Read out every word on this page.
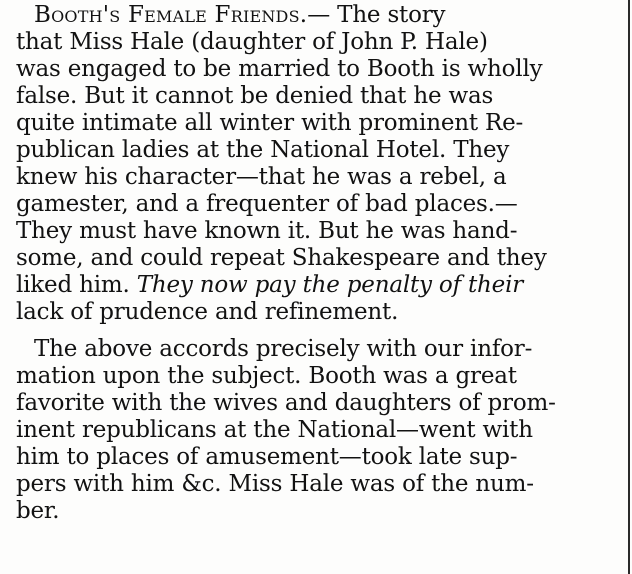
Booth's Female Friends.— The story
that Miss Hale (daughter of John P. Hale)
was engaged to be married to Booth is wholly
false. But it cannot be denied that he was
quite intimate all winter with prominent Re-
publican ladies at the National Hotel. They
knew his character—that he was a rebel, a
gamester, and a frequenter of bad places.—
They must have known it. But he was hand-
some, and could repeat Shakespeare and they
liked him. They now pay the penalty of their
lack of prudence and refinement.
The above accords precisely with our infor-
mation upon the subject. Booth was a great
favorite with the wives and daughters of prom-
inent republicans at the National—went with
him to places of amusement—took late sup-
pers with him &c. Miss Hale was of the num-
ber.
